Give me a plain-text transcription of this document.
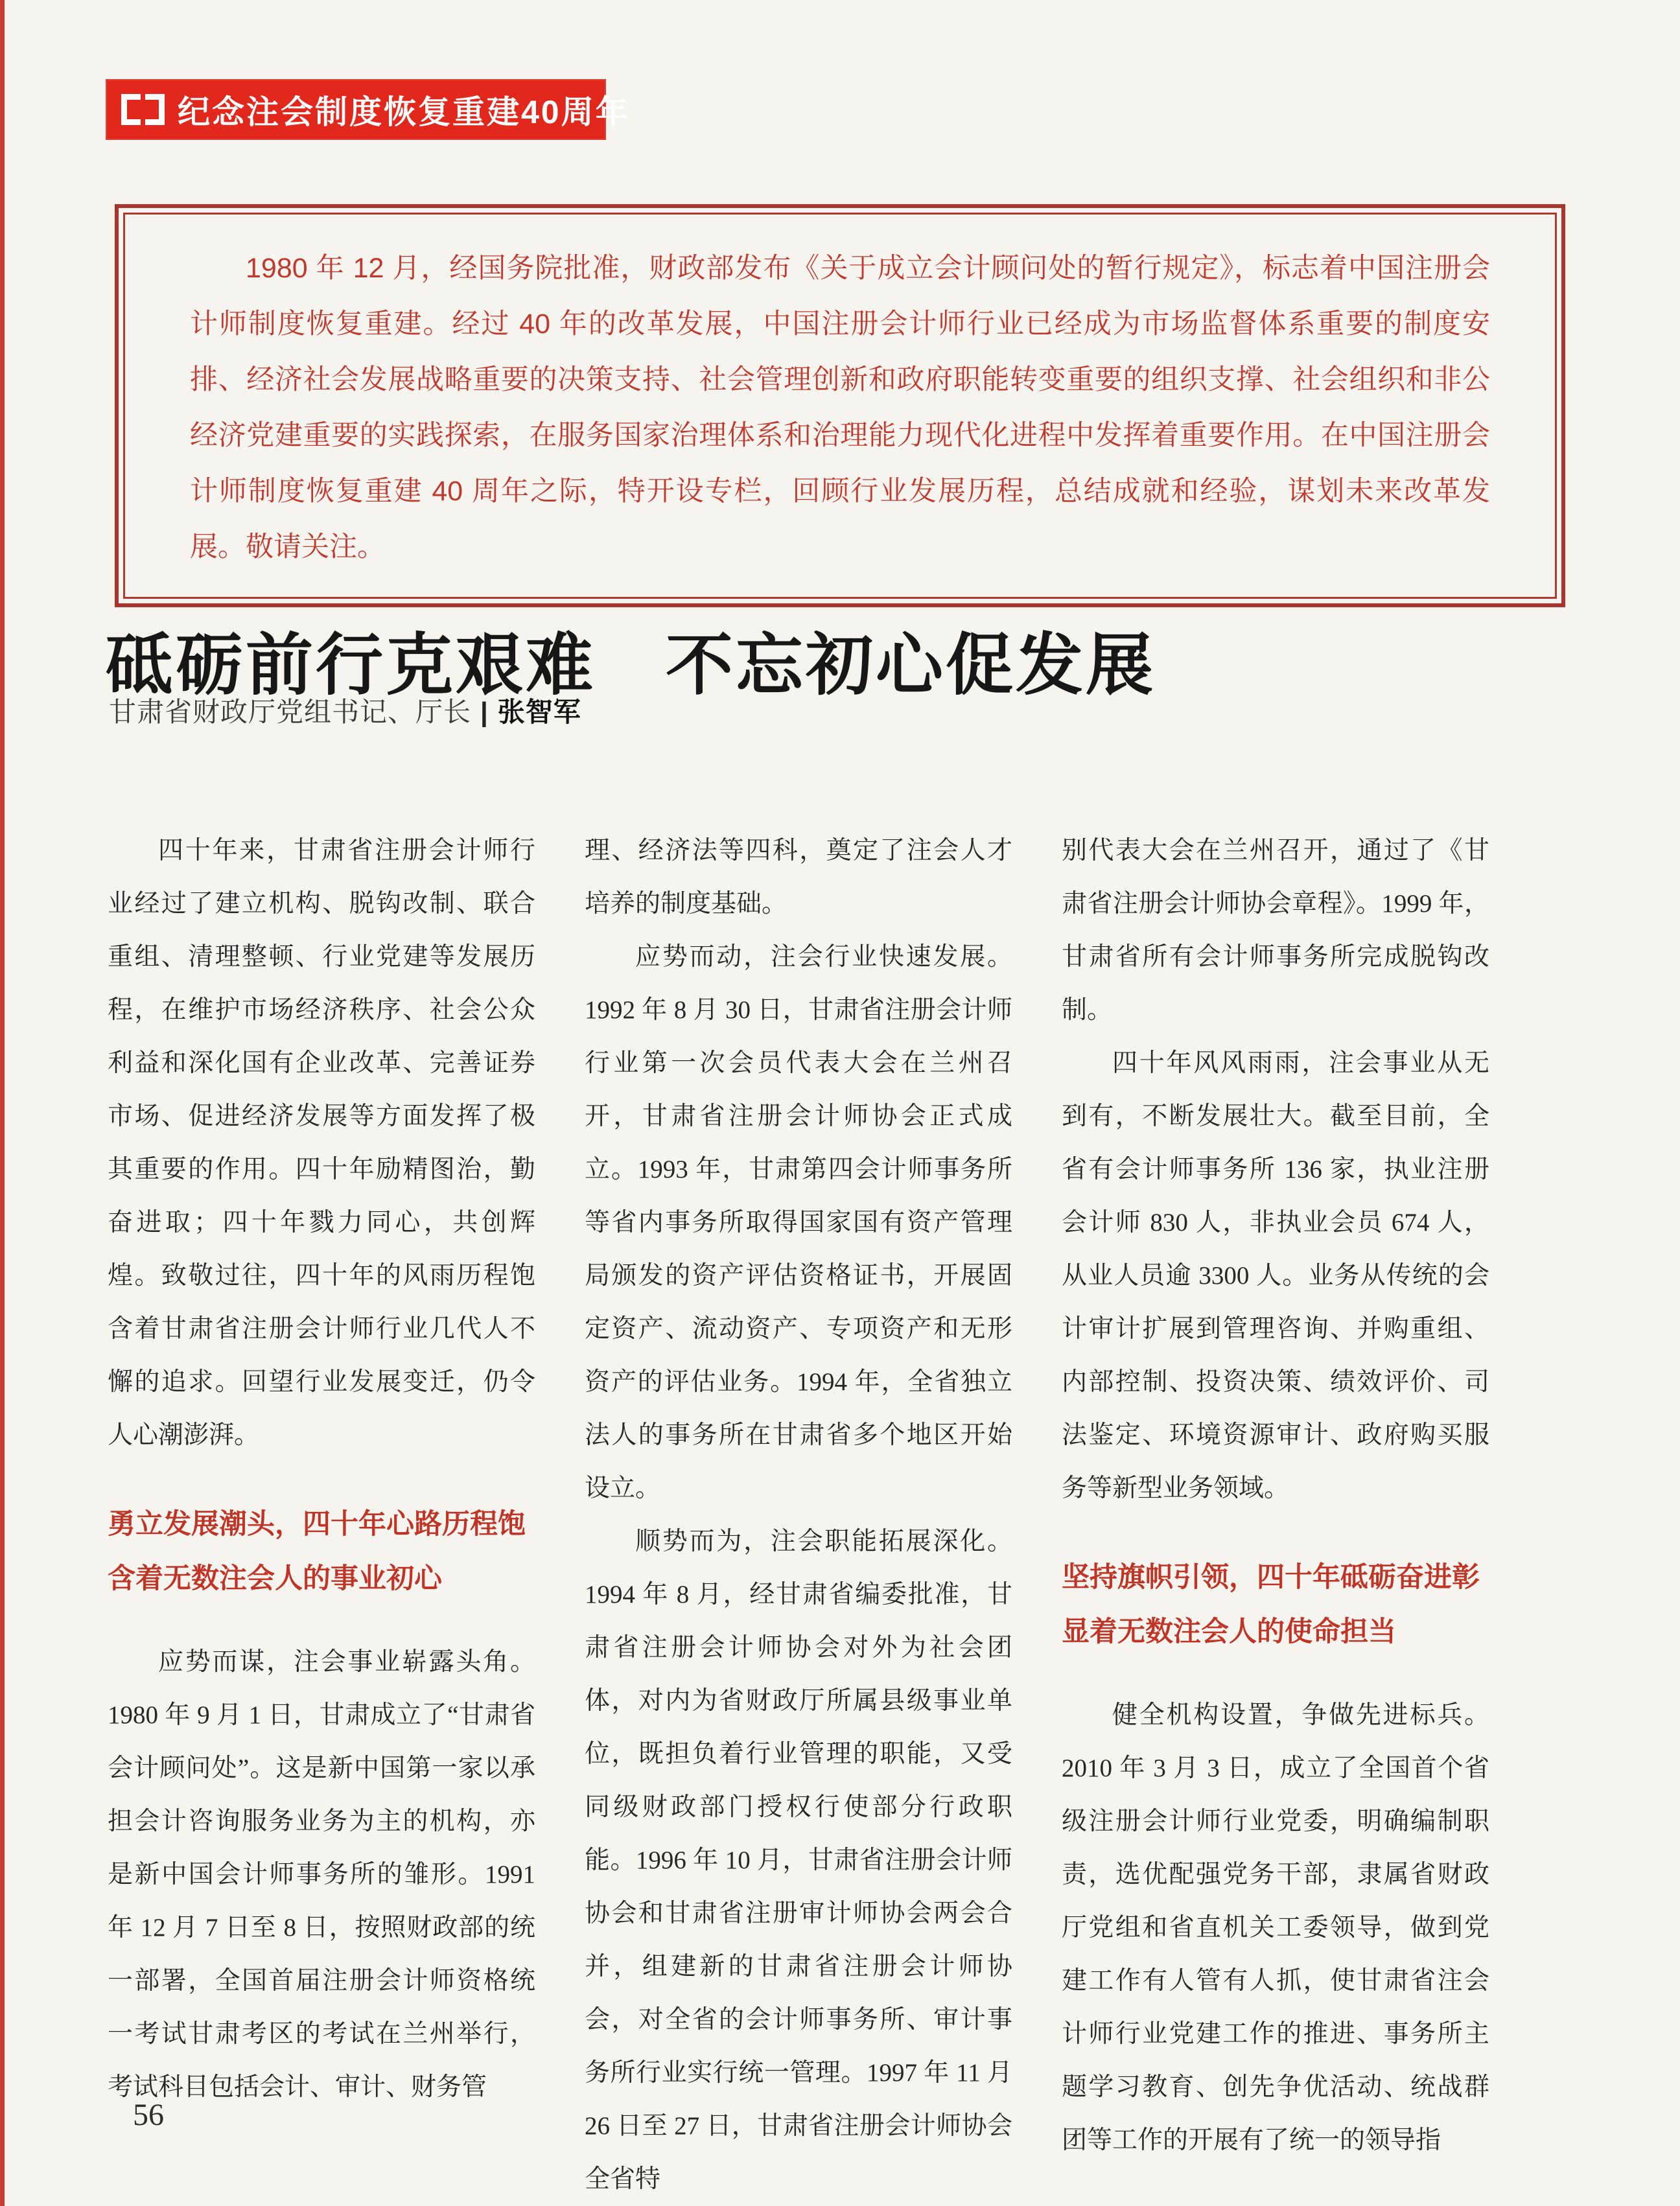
纪念注会制度恢复重建40周年
1980 年 12 月，经国务院批准，财政部发布《关于成立会计顾问处的暂行规定》，标志着中国注册会计师制度恢复重建。经过 40 年的改革发展，中国注册会计师行业已经成为市场监督体系重要的制度安排、经济社会发展战略重要的决策支持、社会管理创新和政府职能转变重要的组织支撑、社会组织和非公经济党建重要的实践探索，在服务国家治理体系和治理能力现代化进程中发挥着重要作用。在中国注册会计师制度恢复重建 40 周年之际，特开设专栏，回顾行业发展历程，总结成就和经验，谋划未来改革发展。敬请关注。
砥砺前行克艰难　不忘初心促发展
甘肃省财政厅党组书记、厅长 | 张智军

四十年来，甘肃省注册会计师行业经过了建立机构、脱钩改制、联合重组、清理整顿、行业党建等发展历程，在维护市场经济秩序、社会公众利益和深化国有企业改革、完善证券市场、促进经济发展等方面发挥了极其重要的作用。四十年励精图治，勤奋进取；四十年戮力同心，共创辉煌。致敬过往，四十年的风雨历程饱含着甘肃省注册会计师行业几代人不懈的追求。回望行业发展变迁，仍令人心潮澎湃。

勇立发展潮头，四十年心路历程饱含着无数注会人的事业初心

应势而谋，注会事业崭露头角。1980 年 9 月 1 日，甘肃成立了“甘肃省会计顾问处”。这是新中国第一家以承担会计咨询服务业务为主的机构，亦是新中国会计师事务所的雏形。1991 年 12 月 7 日至 8 日，按照财政部的统一部署，全国首届注册会计师资格统一考试甘肃考区的考试在兰州举行，考试科目包括会计、审计、财务管

理、经济法等四科，奠定了注会人才培养的制度基础。

应势而动，注会行业快速发展。1992 年 8 月 30 日，甘肃省注册会计师行业第一次会员代表大会在兰州召开，甘肃省注册会计师协会正式成立。1993 年，甘肃第四会计师事务所等省内事务所取得国家国有资产管理局颁发的资产评估资格证书，开展固定资产、流动资产、专项资产和无形资产的评估业务。1994 年，全省独立法人的事务所在甘肃省多个地区开始设立。

顺势而为，注会职能拓展深化。1994 年 8 月，经甘肃省编委批准，甘肃省注册会计师协会对外为社会团体，对内为省财政厅所属县级事业单位，既担负着行业管理的职能，又受同级财政部门授权行使部分行政职能。1996 年 10 月，甘肃省注册会计师协会和甘肃省注册审计师协会两会合并，组建新的甘肃省注册会计师协会，对全省的会计师事务所、审计事务所行业实行统一管理。1997 年 11 月 26 日至 27 日，甘肃省注册会计师协会全省特

别代表大会在兰州召开，通过了《甘肃省注册会计师协会章程》。1999 年，甘肃省所有会计师事务所完成脱钩改制。

四十年风风雨雨，注会事业从无到有，不断发展壮大。截至目前，全省有会计师事务所 136 家，执业注册会计师 830 人，非执业会员 674 人，从业人员逾 3300 人。业务从传统的会计审计扩展到管理咨询、并购重组、内部控制、投资决策、绩效评价、司法鉴定、环境资源审计、政府购买服务等新型业务领域。

坚持旗帜引领，四十年砥砺奋进彰显着无数注会人的使命担当

健全机构设置，争做先进标兵。2010 年 3 月 3 日，成立了全国首个省级注册会计师行业党委，明确编制职责，选优配强党务干部，隶属省财政厅党组和省直机关工委领导，做到党建工作有人管有人抓，使甘肃省注会计师行业党建工作的推进、事务所主题学习教育、创先争优活动、统战群团等工作的开展有了统一的领导指

56
